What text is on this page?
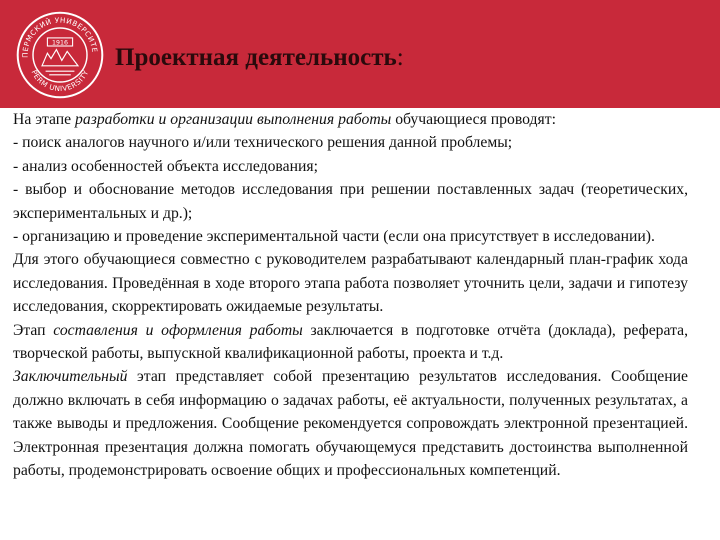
ПЕРМСКИЙ УНИВЕРСИТЕ
PERM UNIVERSITY
1916
Проектная деятельность:

На этапе разработки и организации выполнения работы обучающиеся проводят:

- поиск аналогов научного и/или технического решения данной проблемы;

- анализ особенностей объекта исследования;

- выбор и обоснование методов исследования при решении поставленных задач (теоретических, экспериментальных и др.);

- организацию и проведение экспериментальной части (если она присутствует в исследовании).

Для этого обучающиеся совместно с руководителем разрабатывают календарный план-график хода исследования. Проведённая в ходе второго этапа работа позволяет уточнить цели, задачи и гипотезу исследования, скорректировать ожидаемые результаты.

Этап составления и оформления работы заключается в подготовке отчёта (доклада), реферата, творческой работы, выпускной квалификационной работы, проекта и т.д.

Заключительный этап представляет собой презентацию результатов исследования. Сообщение должно включать в себя информацию о задачах работы, её актуальности, полученных результатах, а также выводы и предложения. Сообщение рекомендуется сопровождать электронной презентацией. Электронная презентация должна помогать обучающемуся представить достоинства выполненной работы, продемонстрировать освоение общих и профессиональных компетенций.
